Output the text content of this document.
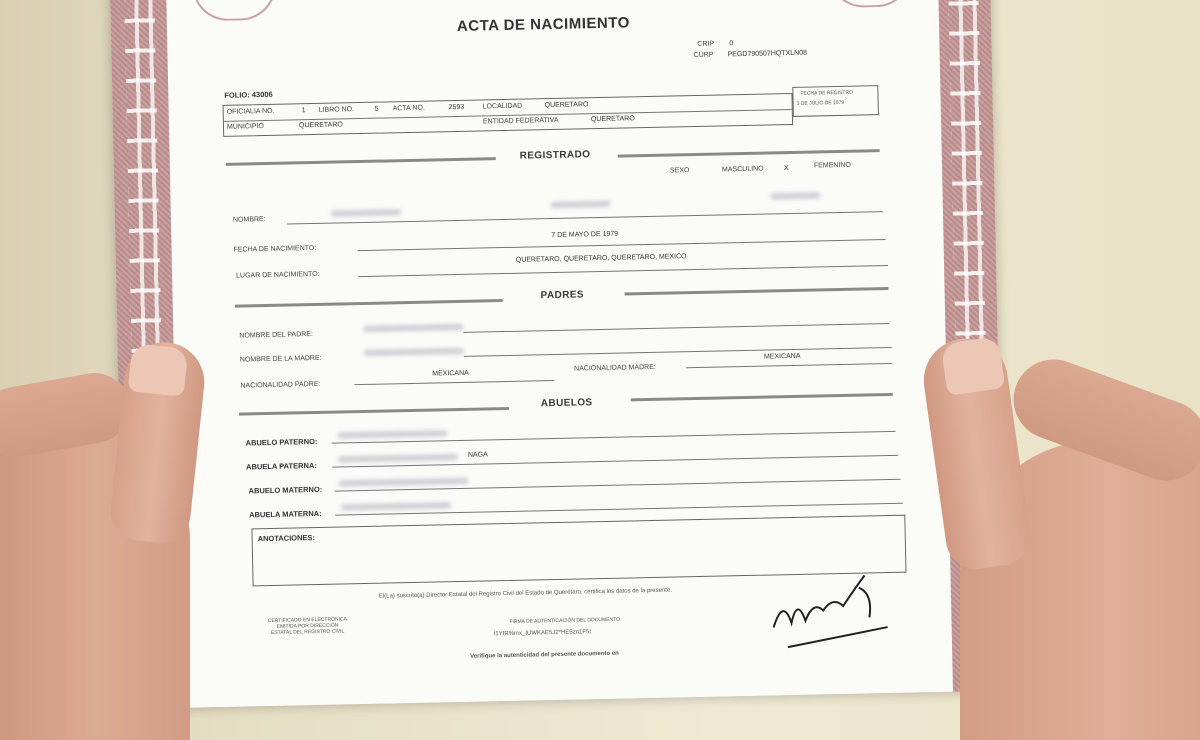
ACTA DE NACIMIENTO
CRIP 0
CURP PEGD790507HQTXLN08
FOLIO: 43006
OFICIALIA NO.	1 LIBRO NO.	5 ACTA NO.	2593	LOCALIDAD	QUERETARO
MUNICIPIO	QUERETARO	ENTIDAD FEDERATIVA	QUERETARO
FECHA DE REGISTRO
3 DE JULIO DE 1979
REGISTRADO
SEXO	MASCULINO	X	FEMENINO
NOMBRE:
FECHA DE NACIMIENTO:
7 DE MAYO DE 1979
LUGAR DE NACIMIENTO:
QUERETARO, QUERETARO, QUERETARO, MEXICO
PADRES
NOMBRE DEL PADRE:
NOMBRE DE LA MADRE:
NACIONALIDAD PADRE:
MEXICANA
NACIONALIDAD MADRE:
MEXICANA
ABUELOS
ABUELO PATERNO:
ABUELA PATERNA:
NAGA
ABUELO MATERNO:
ABUELA MATERNA:
ANOTACIONES:
El(La) suscrito(a) Director Estatal del Registro Civil del Estado de Querétaro, certifica los datos de la presente.
CERTIFICADO EN ELECTRÓNICA EMITIDA POR DIRECCIÓN ESTATAL DEL REGISTRO CIVIL
FIRMA DE AUTENTICACIÓN DEL DOCUMENTO
I1YIR%mx_IUWKAE5J2*HE5zn1F5I
Verifique la autenticidad del presente documento en
